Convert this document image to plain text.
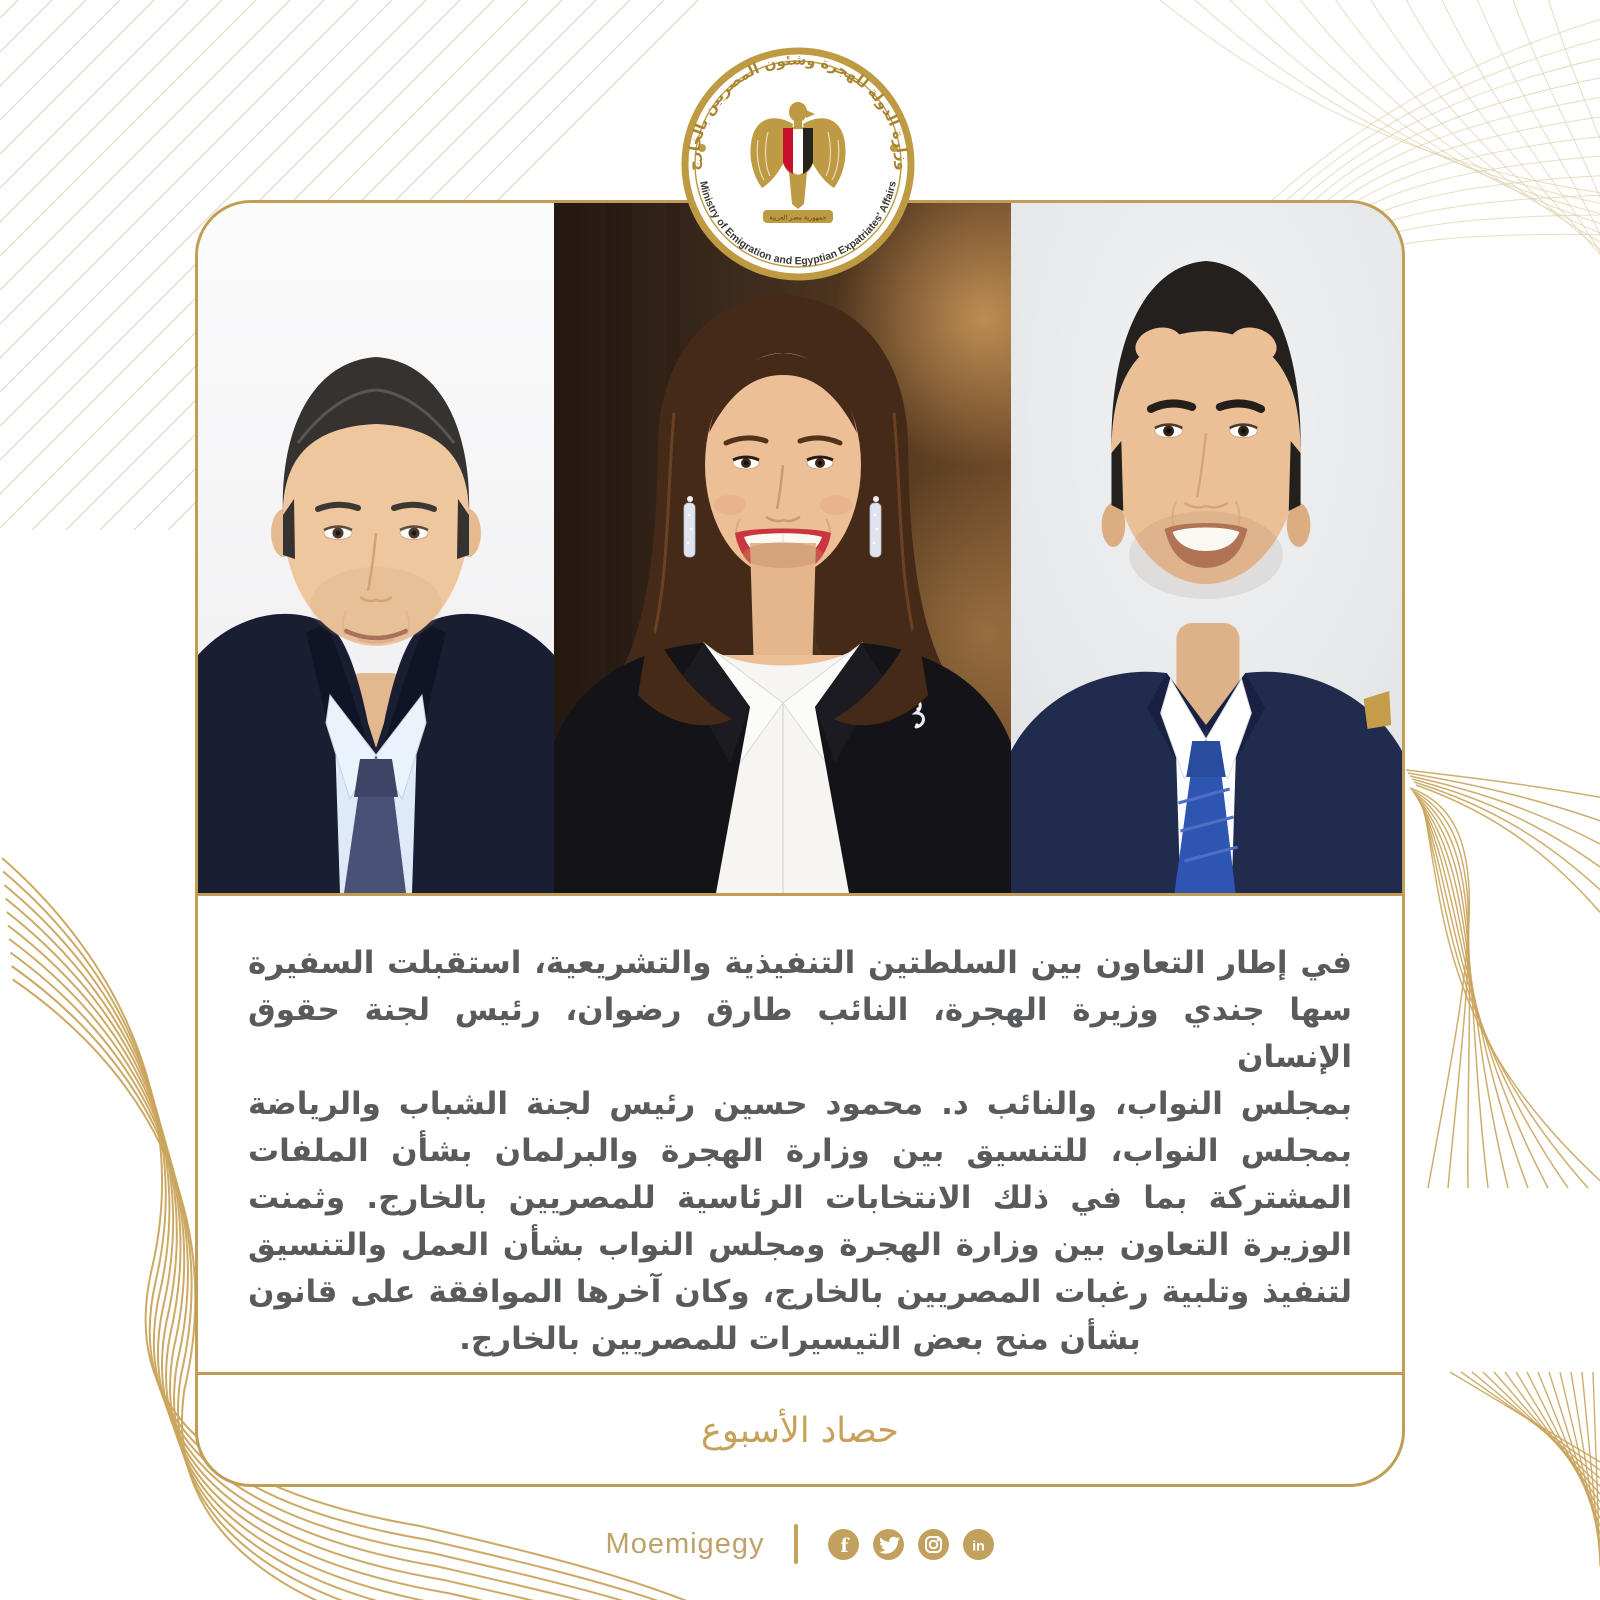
في إطار التعاون بين السلطتين التنفيذية والتشريعية، استقبلت السفيرة
سها جندي وزيرة الهجرة، النائب طارق رضوان، رئيس لجنة حقوق الإنسان
بمجلس النواب، والنائب د. محمود حسين رئيس لجنة الشباب والرياضة
بمجلس النواب، للتنسيق بين وزارة الهجرة والبرلمان بشأن الملفات
المشتركة بما في ذلك الانتخابات الرئاسية للمصريين بالخارج. وثمنت
الوزيرة التعاون بين وزارة الهجرة ومجلس النواب بشأن العمل والتنسيق
لتنفيذ وتلبية رغبات المصريين بالخارج، وكان آخرها الموافقة على قانون
بشأن منح بعض التيسيرات للمصريين بالخارج.
حصاد الأسبوع
وزارة الدولة للهجرة وشئون المصريين بالخارج
Ministry of Emigration and Egyptian Expatriates' Affairs
جمهورية مصر العربية
Moemigegy	f	in
